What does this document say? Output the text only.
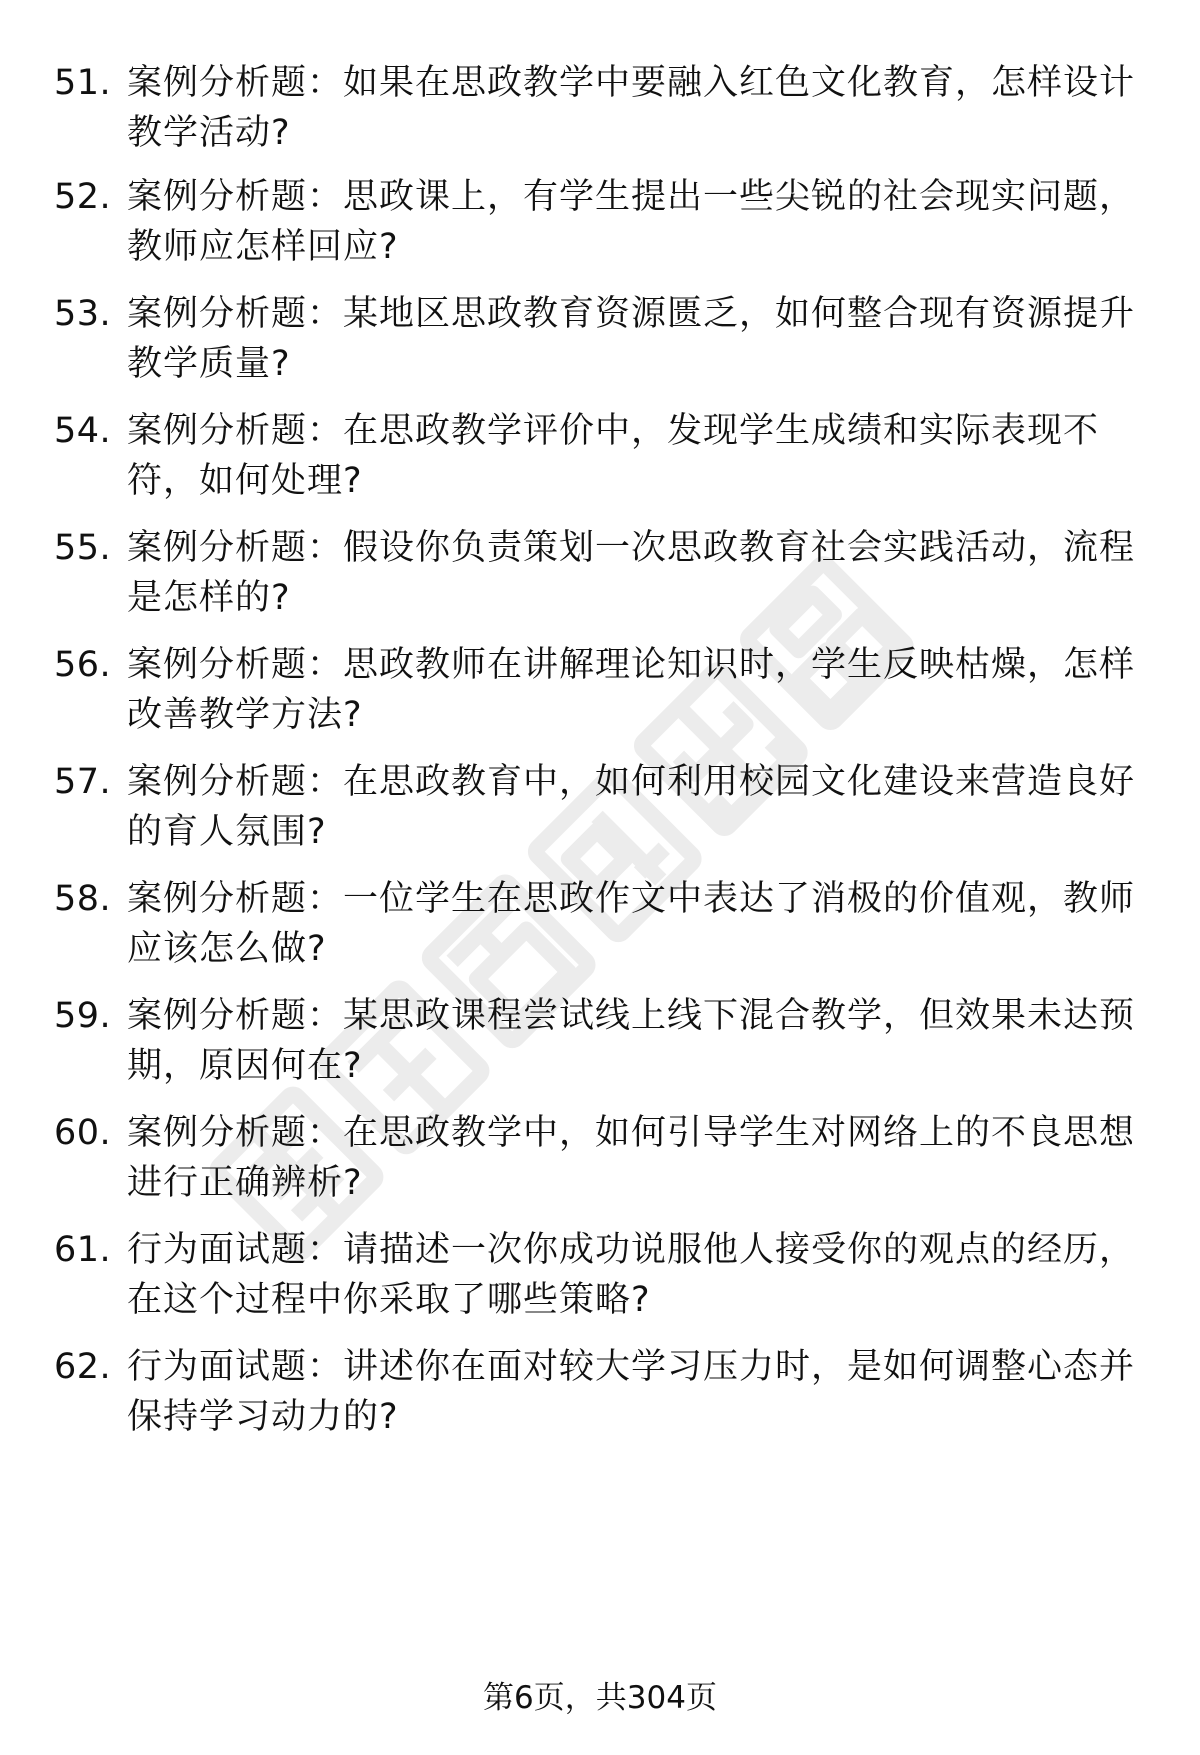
51. 案例分析题：如果在思政教学中要融入红色文化教育，怎样设计教学活动?
52. 案例分析题：思政课上，有学生提出一些尖锐的社会现实问题，教师应怎样回应?
53. 案例分析题：某地区思政教育资源匮乏，如何整合现有资源提升教学质量?
54. 案例分析题：在思政教学评价中，发现学生成绩和实际表现不符，如何处理?
55. 案例分析题：假设你负责策划一次思政教育社会实践活动，流程是怎样的?
56. 案例分析题：思政教师在讲解理论知识时，学生反映枯燥，怎样改善教学方法?
57. 案例分析题：在思政教育中，如何利用校园文化建设来营造良好的育人氛围?
58. 案例分析题：一位学生在思政作文中表达了消极的价值观，教师应该怎么做?
59. 案例分析题：某思政课程尝试线上线下混合教学，但效果未达预期，原因何在?
60. 案例分析题：在思政教学中，如何引导学生对网络上的不良思想进行正确辨析?
61. 行为面试题：请描述一次你成功说服他人接受你的观点的经历，在这个过程中你采取了哪些策略?
62. 行为面试题：讲述你在面对较大学习压力时，是如何调整心态并保持学习动力的?
第6页，共304页
